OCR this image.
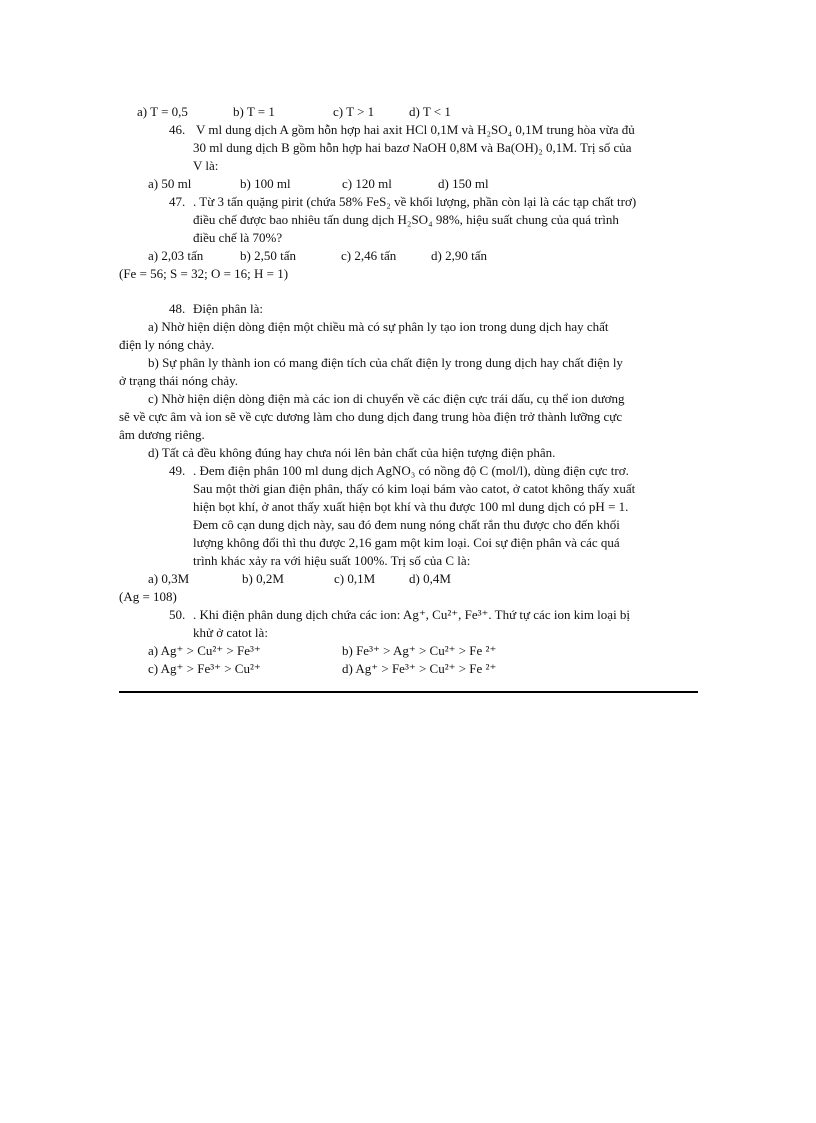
a) T = 0,5	b) T = 1	c) T > 1	d) T < 1
46. V ml dung dịch A gồm hỗn hợp hai axit HCl 0,1M và H₂SO₄ 0,1M trung hòa vừa đủ
30 ml dung dịch B gồm hỗn hợp hai bazơ NaOH 0,8M và Ba(OH)₂ 0,1M. Trị số của
V là:
a) 50 ml	b) 100 ml	c) 120 ml	d) 150 ml
47. . Từ 3 tấn quặng pirit (chứa 58% FeS₂ về khối lượng, phần còn lại là các tạp chất trơ)
điều chế được bao nhiêu tấn dung dịch H₂SO₄ 98%, hiệu suất chung của quá trình
điều chế là 70%?
a) 2,03 tấn	b) 2,50 tấn	c) 2,46 tấn	d) 2,90 tấn
(Fe = 56; S = 32; O = 16; H = 1)
48. Điện phân là:
a) Nhờ hiện diện dòng điện một chiều mà có sự phân ly tạo ion trong dung dịch hay chất
điện ly nóng chảy.
b) Sự phân ly thành ion có mang điện tích của chất điện ly trong dung dịch hay chất điện ly
ở trạng thái nóng chảy.
c) Nhờ hiện diện dòng điện mà các ion di chuyển về các điện cực trái dấu, cụ thể ion dương
sẽ về cực âm và ion sẽ về cực dương làm cho dung dịch đang trung hòa điện trở thành lưỡng cực
âm dương riêng.
d) Tất cả đều không đúng hay chưa nói lên bản chất của hiện tượng điện phân.
49. . Đem điện phân 100 ml dung dịch AgNO₃ có nồng độ C (mol/l), dùng điện cực trơ.
Sau một thời gian điện phân, thấy có kim loại bám vào catot, ở catot không thấy xuất
hiện bọt khí, ở anot thấy xuất hiện bọt khí và thu được 100 ml dung dịch có pH = 1.
Đem cô cạn dung dịch này, sau đó đem nung nóng chất rắn thu được cho đến khối
lượng không đổi thì thu được 2,16 gam một kim loại. Coi sự điện phân và các quá
trình khác xảy ra với hiệu suất 100%. Trị số của C là:
a) 0,3M	b) 0,2M	c) 0,1M	d) 0,4M
(Ag = 108)
50. . Khi điện phân dung dịch chứa các ion: Ag⁺, Cu²⁺, Fe³⁺. Thứ tự các ion kim loại bị
khử ở catot là:
a) Ag⁺ > Cu²⁺ > Fe³⁺	b) Fe³⁺ > Ag⁺ > Cu²⁺ > Fe ²⁺
c) Ag⁺ > Fe³⁺ > Cu²⁺	d) Ag⁺ > Fe³⁺ > Cu²⁺ > Fe ²⁺
